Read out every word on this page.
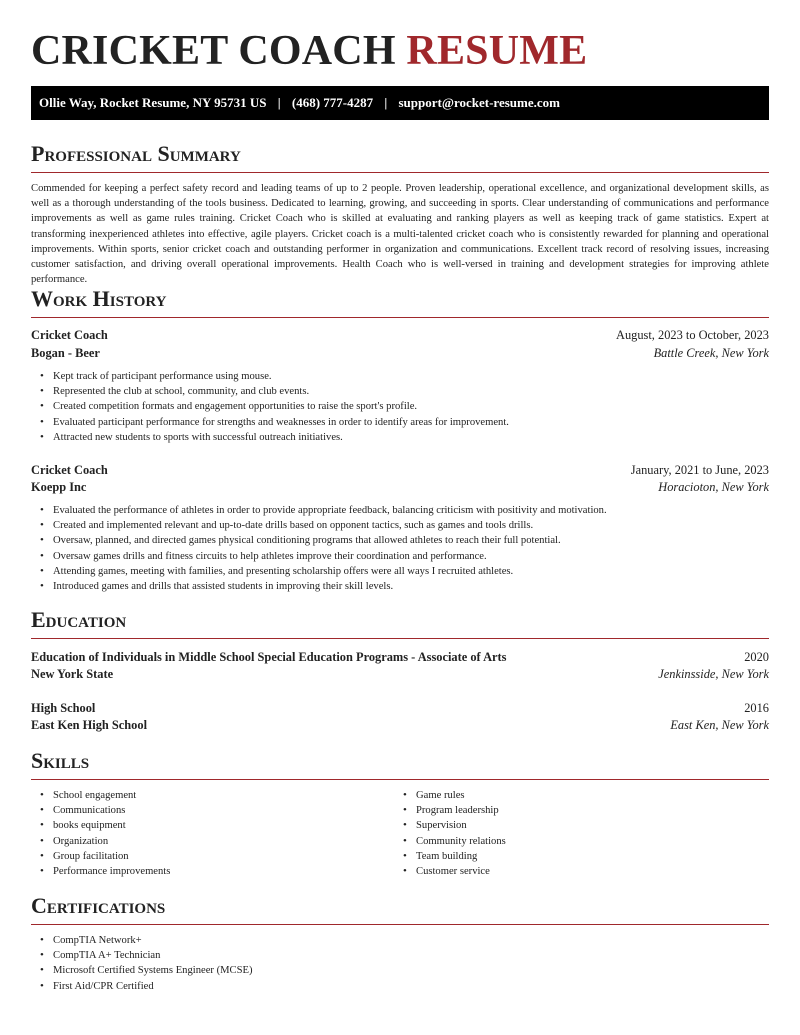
CRICKET COACH RESUME
Ollie Way, Rocket Resume, NY 95731 US | (468) 777-4287 | support@rocket-resume.com
Professional Summary
Commended for keeping a perfect safety record and leading teams of up to 2 people. Proven leadership, operational excellence, and organizational development skills, as well as a thorough understanding of the tools business. Dedicated to learning, growing, and succeeding in sports. Clear understanding of communications and performance improvements as well as game rules training. Cricket Coach who is skilled at evaluating and ranking players as well as keeping track of game statistics. Expert at transforming inexperienced athletes into effective, agile players. Cricket coach is a multi-talented cricket coach who is consistently rewarded for planning and operational improvements. Within sports, senior cricket coach and outstanding performer in organization and communications. Excellent track record of resolving issues, increasing customer satisfaction, and driving overall operational improvements. Health Coach who is well-versed in training and development strategies for improving athlete performance.
Work History
Cricket Coach	August, 2023 to October, 2023
Bogan - Beer	Battle Creek, New York
• Kept track of participant performance using mouse.
• Represented the club at school, community, and club events.
• Created competition formats and engagement opportunities to raise the sport's profile.
• Evaluated participant performance for strengths and weaknesses in order to identify areas for improvement.
• Attracted new students to sports with successful outreach initiatives.
Cricket Coach	January, 2021 to June, 2023
Koepp Inc	Horacioton, New York
• Evaluated the performance of athletes in order to provide appropriate feedback, balancing criticism with positivity and motivation.
• Created and implemented relevant and up-to-date drills based on opponent tactics, such as games and tools drills.
• Oversaw, planned, and directed games physical conditioning programs that allowed athletes to reach their full potential.
• Oversaw games drills and fitness circuits to help athletes improve their coordination and performance.
• Attending games, meeting with families, and presenting scholarship offers were all ways I recruited athletes.
• Introduced games and drills that assisted students in improving their skill levels.
Education
Education of Individuals in Middle School Special Education Programs - Associate of Arts	2020
New York State	Jenkinsside, New York
High School	2016
East Ken High School	East Ken, New York
Skills
• School engagement
• Communications
• books equipment
• Organization
• Group facilitation
• Performance improvements
• Game rules
• Program leadership
• Supervision
• Community relations
• Team building
• Customer service
Certifications
• CompTIA Network+
• CompTIA A+ Technician
• Microsoft Certified Systems Engineer (MCSE)
• First Aid/CPR Certified
